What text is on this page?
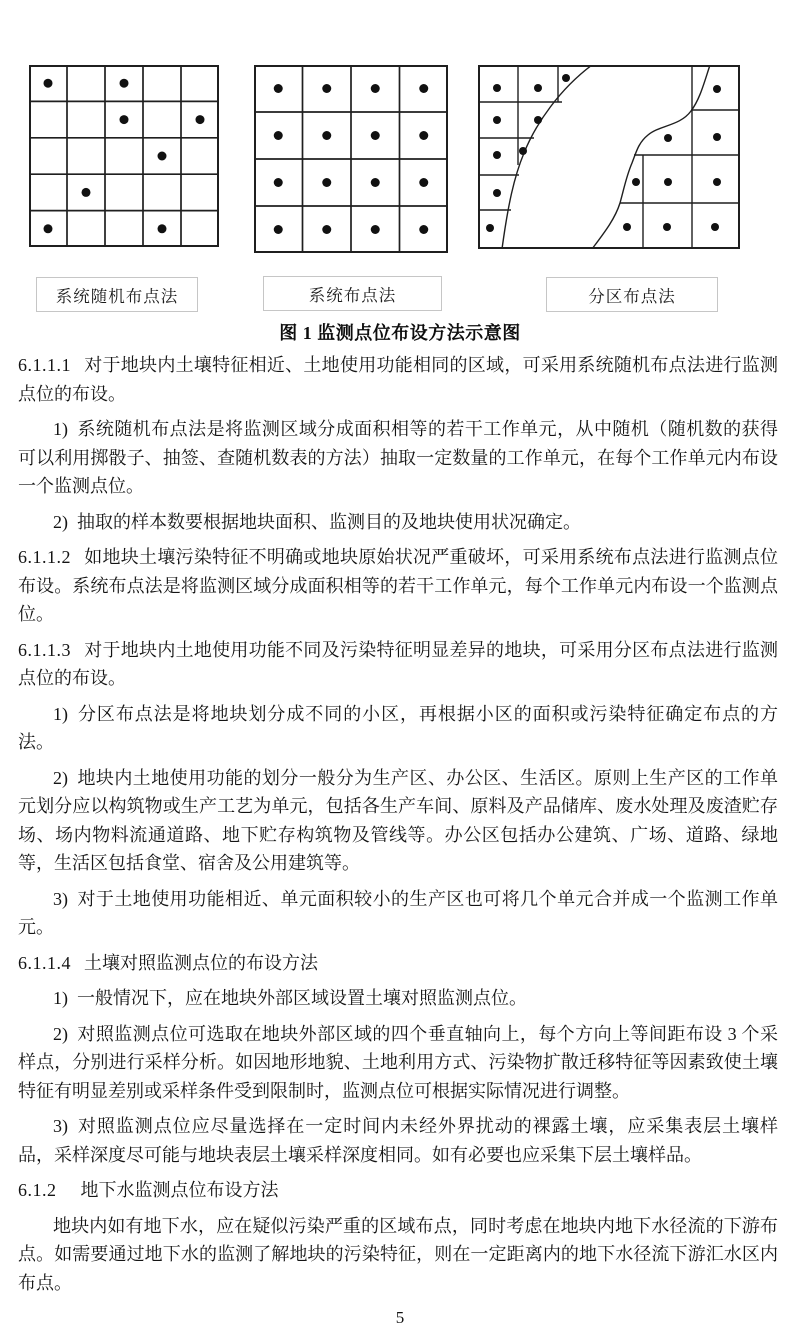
系统随机布点法	系统布点法	分区布点法
图 1 监测点位布设方法示意图

6.1.1.1 对于地块内土壤特征相近、土地使用功能相同的区域，可采用系统随机布点法进行监测点位的布设。

1) 系统随机布点法是将监测区域分成面积相等的若干工作单元，从中随机（随机数的获得可以利用掷骰子、抽签、查随机数表的方法）抽取一定数量的工作单元，在每个工作单元内布设一个监测点位。

2) 抽取的样本数要根据地块面积、监测目的及地块使用状况确定。

6.1.1.2 如地块土壤污染特征不明确或地块原始状况严重破坏，可采用系统布点法进行监测点位布设。系统布点法是将监测区域分成面积相等的若干工作单元，每个工作单元内布设一个监测点位。

6.1.1.3 对于地块内土地使用功能不同及污染特征明显差异的地块，可采用分区布点法进行监测点位的布设。

1) 分区布点法是将地块划分成不同的小区，再根据小区的面积或污染特征确定布点的方法。

2) 地块内土地使用功能的划分一般分为生产区、办公区、生活区。原则上生产区的工作单元划分应以构筑物或生产工艺为单元，包括各生产车间、原料及产品储库、废水处理及废渣贮存场、场内物料流通道路、地下贮存构筑物及管线等。办公区包括办公建筑、广场、道路、绿地等，生活区包括食堂、宿舍及公用建筑等。

3) 对于土地使用功能相近、单元面积较小的生产区也可将几个单元合并成一个监测工作单元。

6.1.1.4 土壤对照监测点位的布设方法

1) 一般情况下，应在地块外部区域设置土壤对照监测点位。

2) 对照监测点位可选取在地块外部区域的四个垂直轴向上，每个方向上等间距布设 3 个采样点，分别进行采样分析。如因地形地貌、土地利用方式、污染物扩散迁移特征等因素致使土壤特征有明显差别或采样条件受到限制时，监测点位可根据实际情况进行调整。

3) 对照监测点位应尽量选择在一定时间内未经外界扰动的裸露土壤，应采集表层土壤样品，采样深度尽可能与地块表层土壤采样深度相同。如有必要也应采集下层土壤样品。

6.1.2 地下水监测点位布设方法

地块内如有地下水，应在疑似污染严重的区域布点，同时考虑在地块内地下水径流的下游布点。如需要通过地下水的监测了解地块的污染特征，则在一定距离内的地下水径流下游汇水区内布点。

5
